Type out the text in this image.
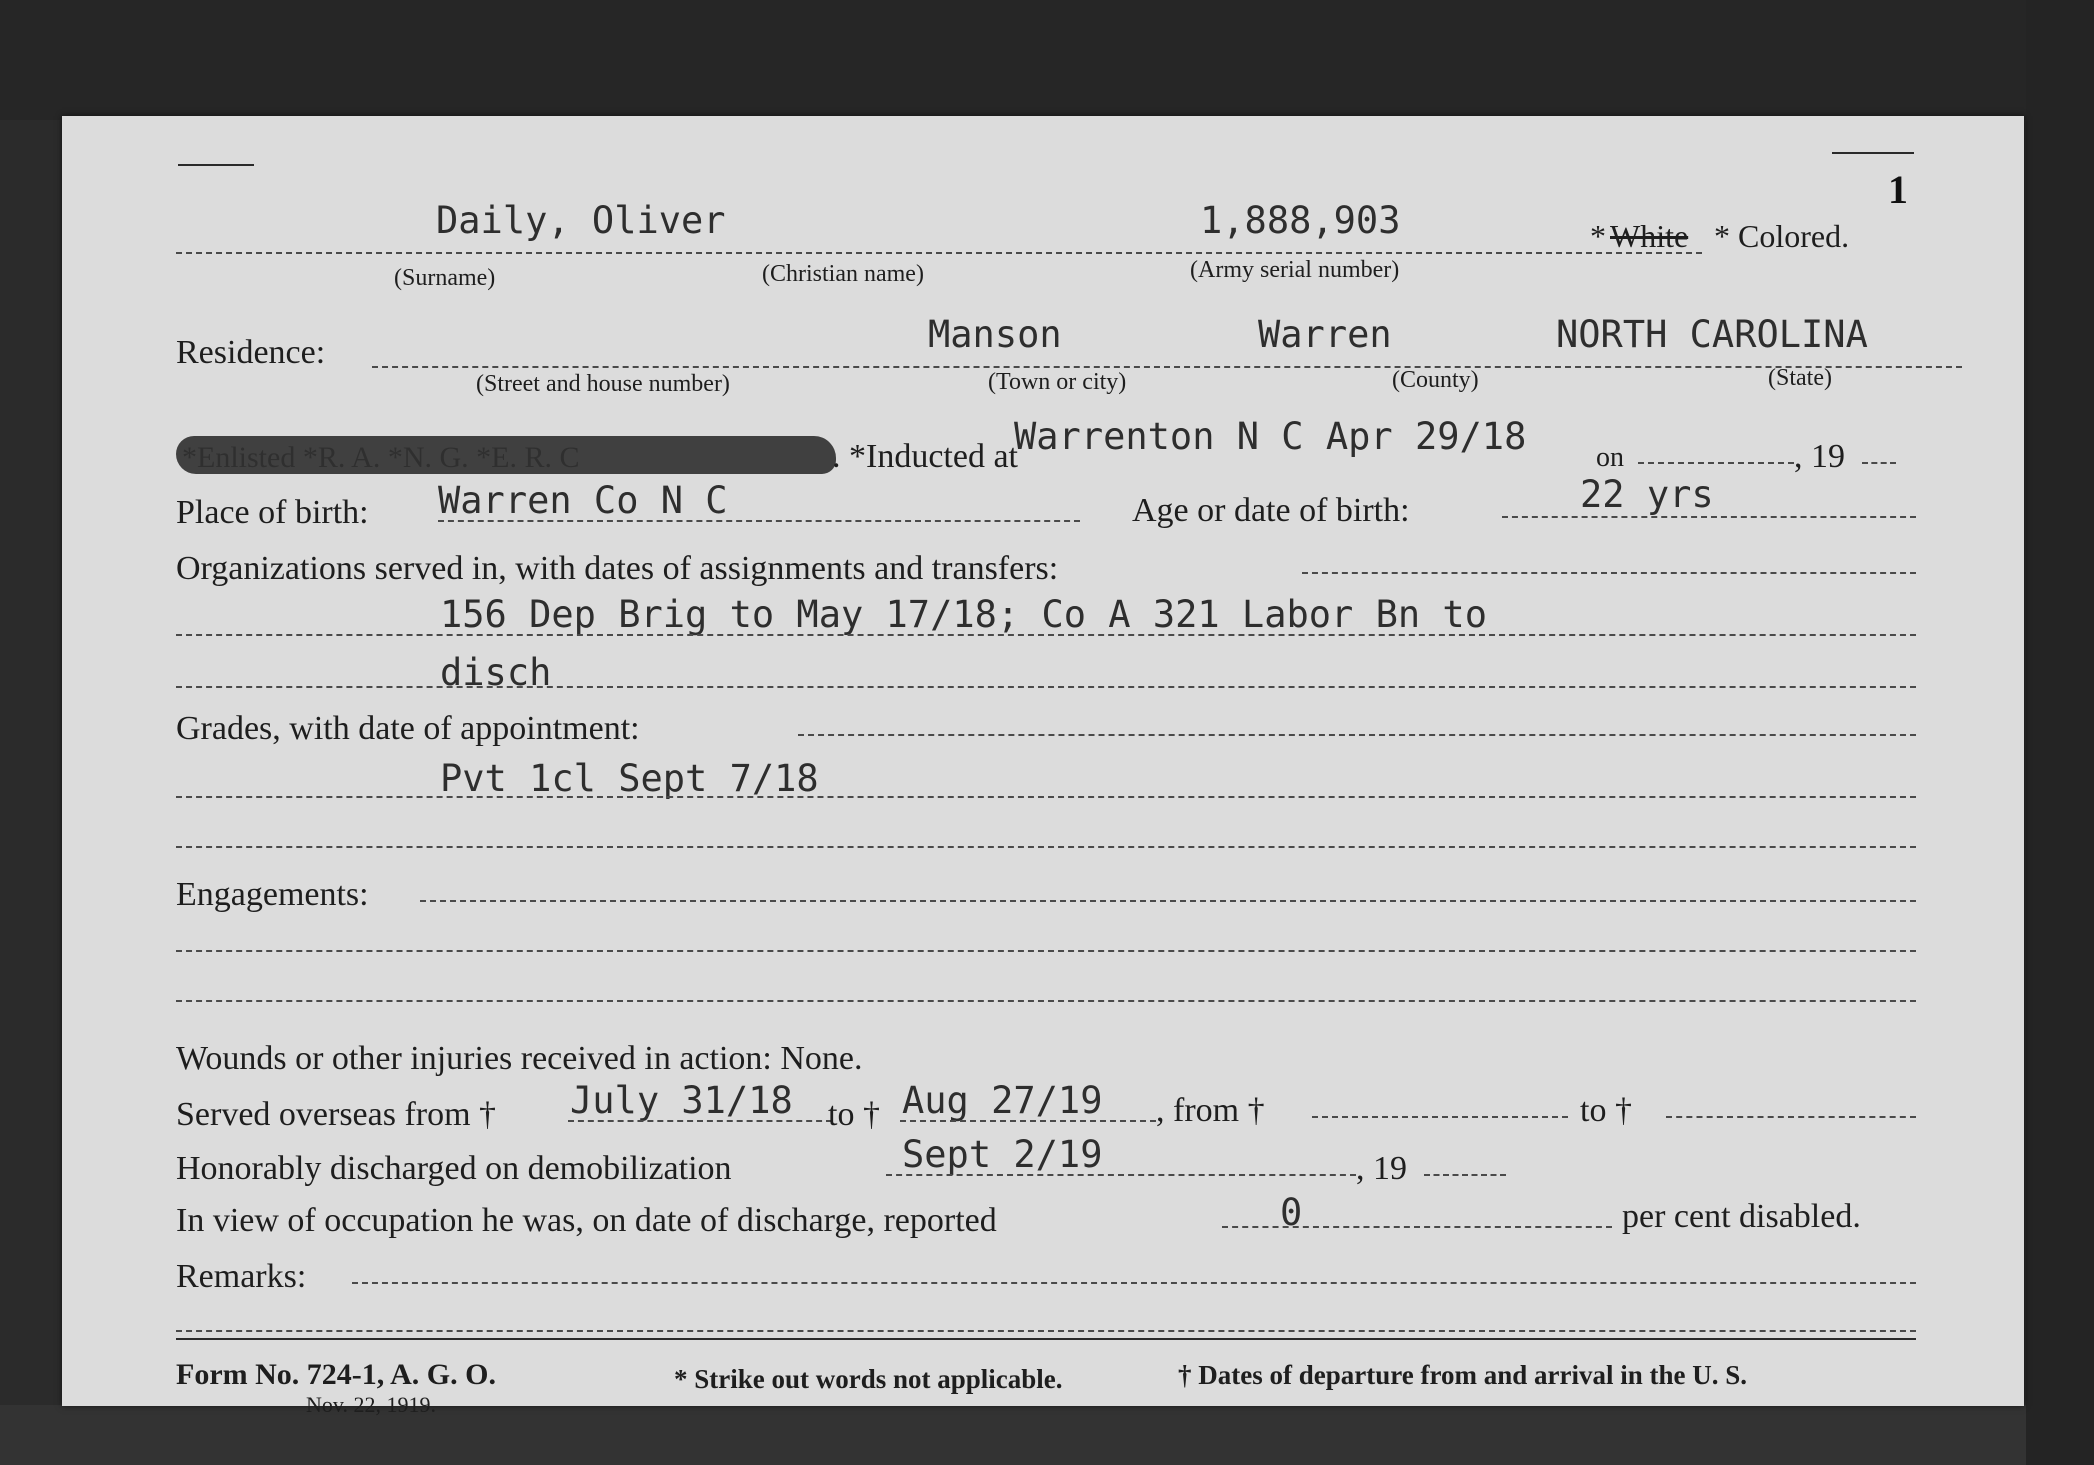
1
Daily, Oliver	1,888,903	* White * Colored.
(Surname)	(Christian name)	(Army serial number)
Residence:	Manson	Warren	NORTH CAROLINA
(Street and house number)	(Town or city)	(County)	(State)
. *Inducted at
Warrenton N C Apr 29/18 on	, 19
Place of birth: Warren Co N C	Age or date of birth:	22 yrs
Organizations served in, with dates of assignments and transfers:
156 Dep Brig to May 17/18; Co A 321 Labor Bn to
disch
Grades, with date of appointment:
Pvt 1cl Sept 7/18
Engagements:
Wounds or other injuries received in action: None.
Served overseas from † July 31/18 to † Aug 27/19 , from †	to †
Honorably discharged on demobilization	Sept 2/19	, 19
In view of occupation he was, on date of discharge, reported	0	per cent disabled.
Remarks:
Form No. 724-1, A. G. O.
Nov. 22, 1919.
* Strike out words not applicable.	† Dates of departure from and arrival in the U. S.
